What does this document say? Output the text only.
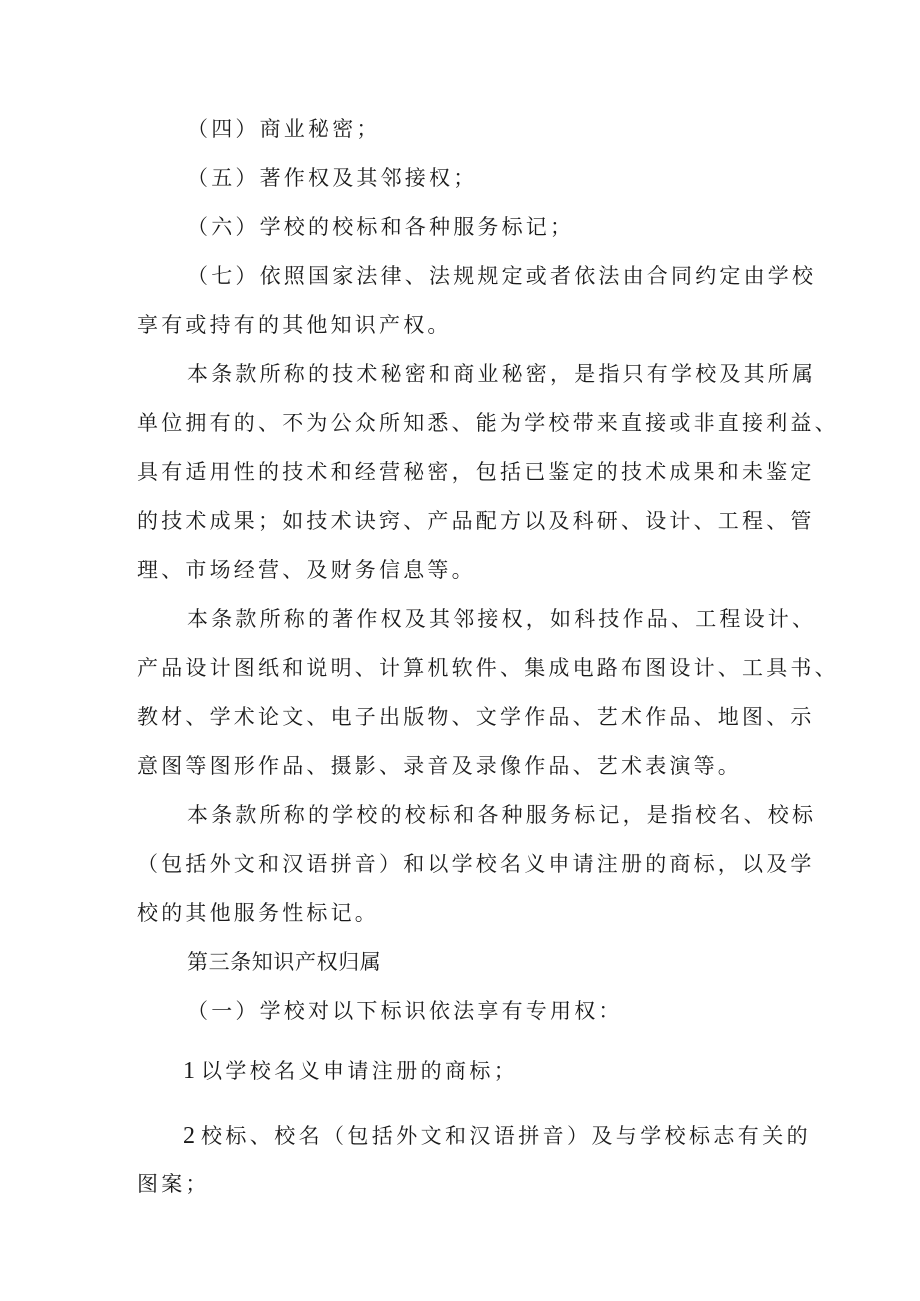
（四）商业秘密；
（五）著作权及其邻接权；
（六）学校的校标和各种服务标记；
（七）依照国家法律、法规规定或者依法由合同约定由学校
享有或持有的其他知识产权。
本条款所称的技术秘密和商业秘密，是指只有学校及其所属
单位拥有的、不为公众所知悉、能为学校带来直接或非直接利益、
具有适用性的技术和经营秘密，包括已鉴定的技术成果和未鉴定
的技术成果；如技术诀窍、产品配方以及科研、设计、工程、管
理、市场经营、及财务信息等。
本条款所称的著作权及其邻接权，如科技作品、工程设计、
产品设计图纸和说明、计算机软件、集成电路布图设计、工具书、
教材、学术论文、电子出版物、文学作品、艺术作品、地图、示
意图等图形作品、摄影、录音及录像作品、艺术表演等。
本条款所称的学校的校标和各种服务标记，是指校名、校标
（包括外文和汉语拼音）和以学校名义申请注册的商标，以及学
校的其他服务性标记。
第三条知识产权归属
（一）学校对以下标识依法享有专用权：
1 以学校名义申请注册的商标；
2 校标、校名（包括外文和汉语拼音）及与学校标志有关的
图案；
